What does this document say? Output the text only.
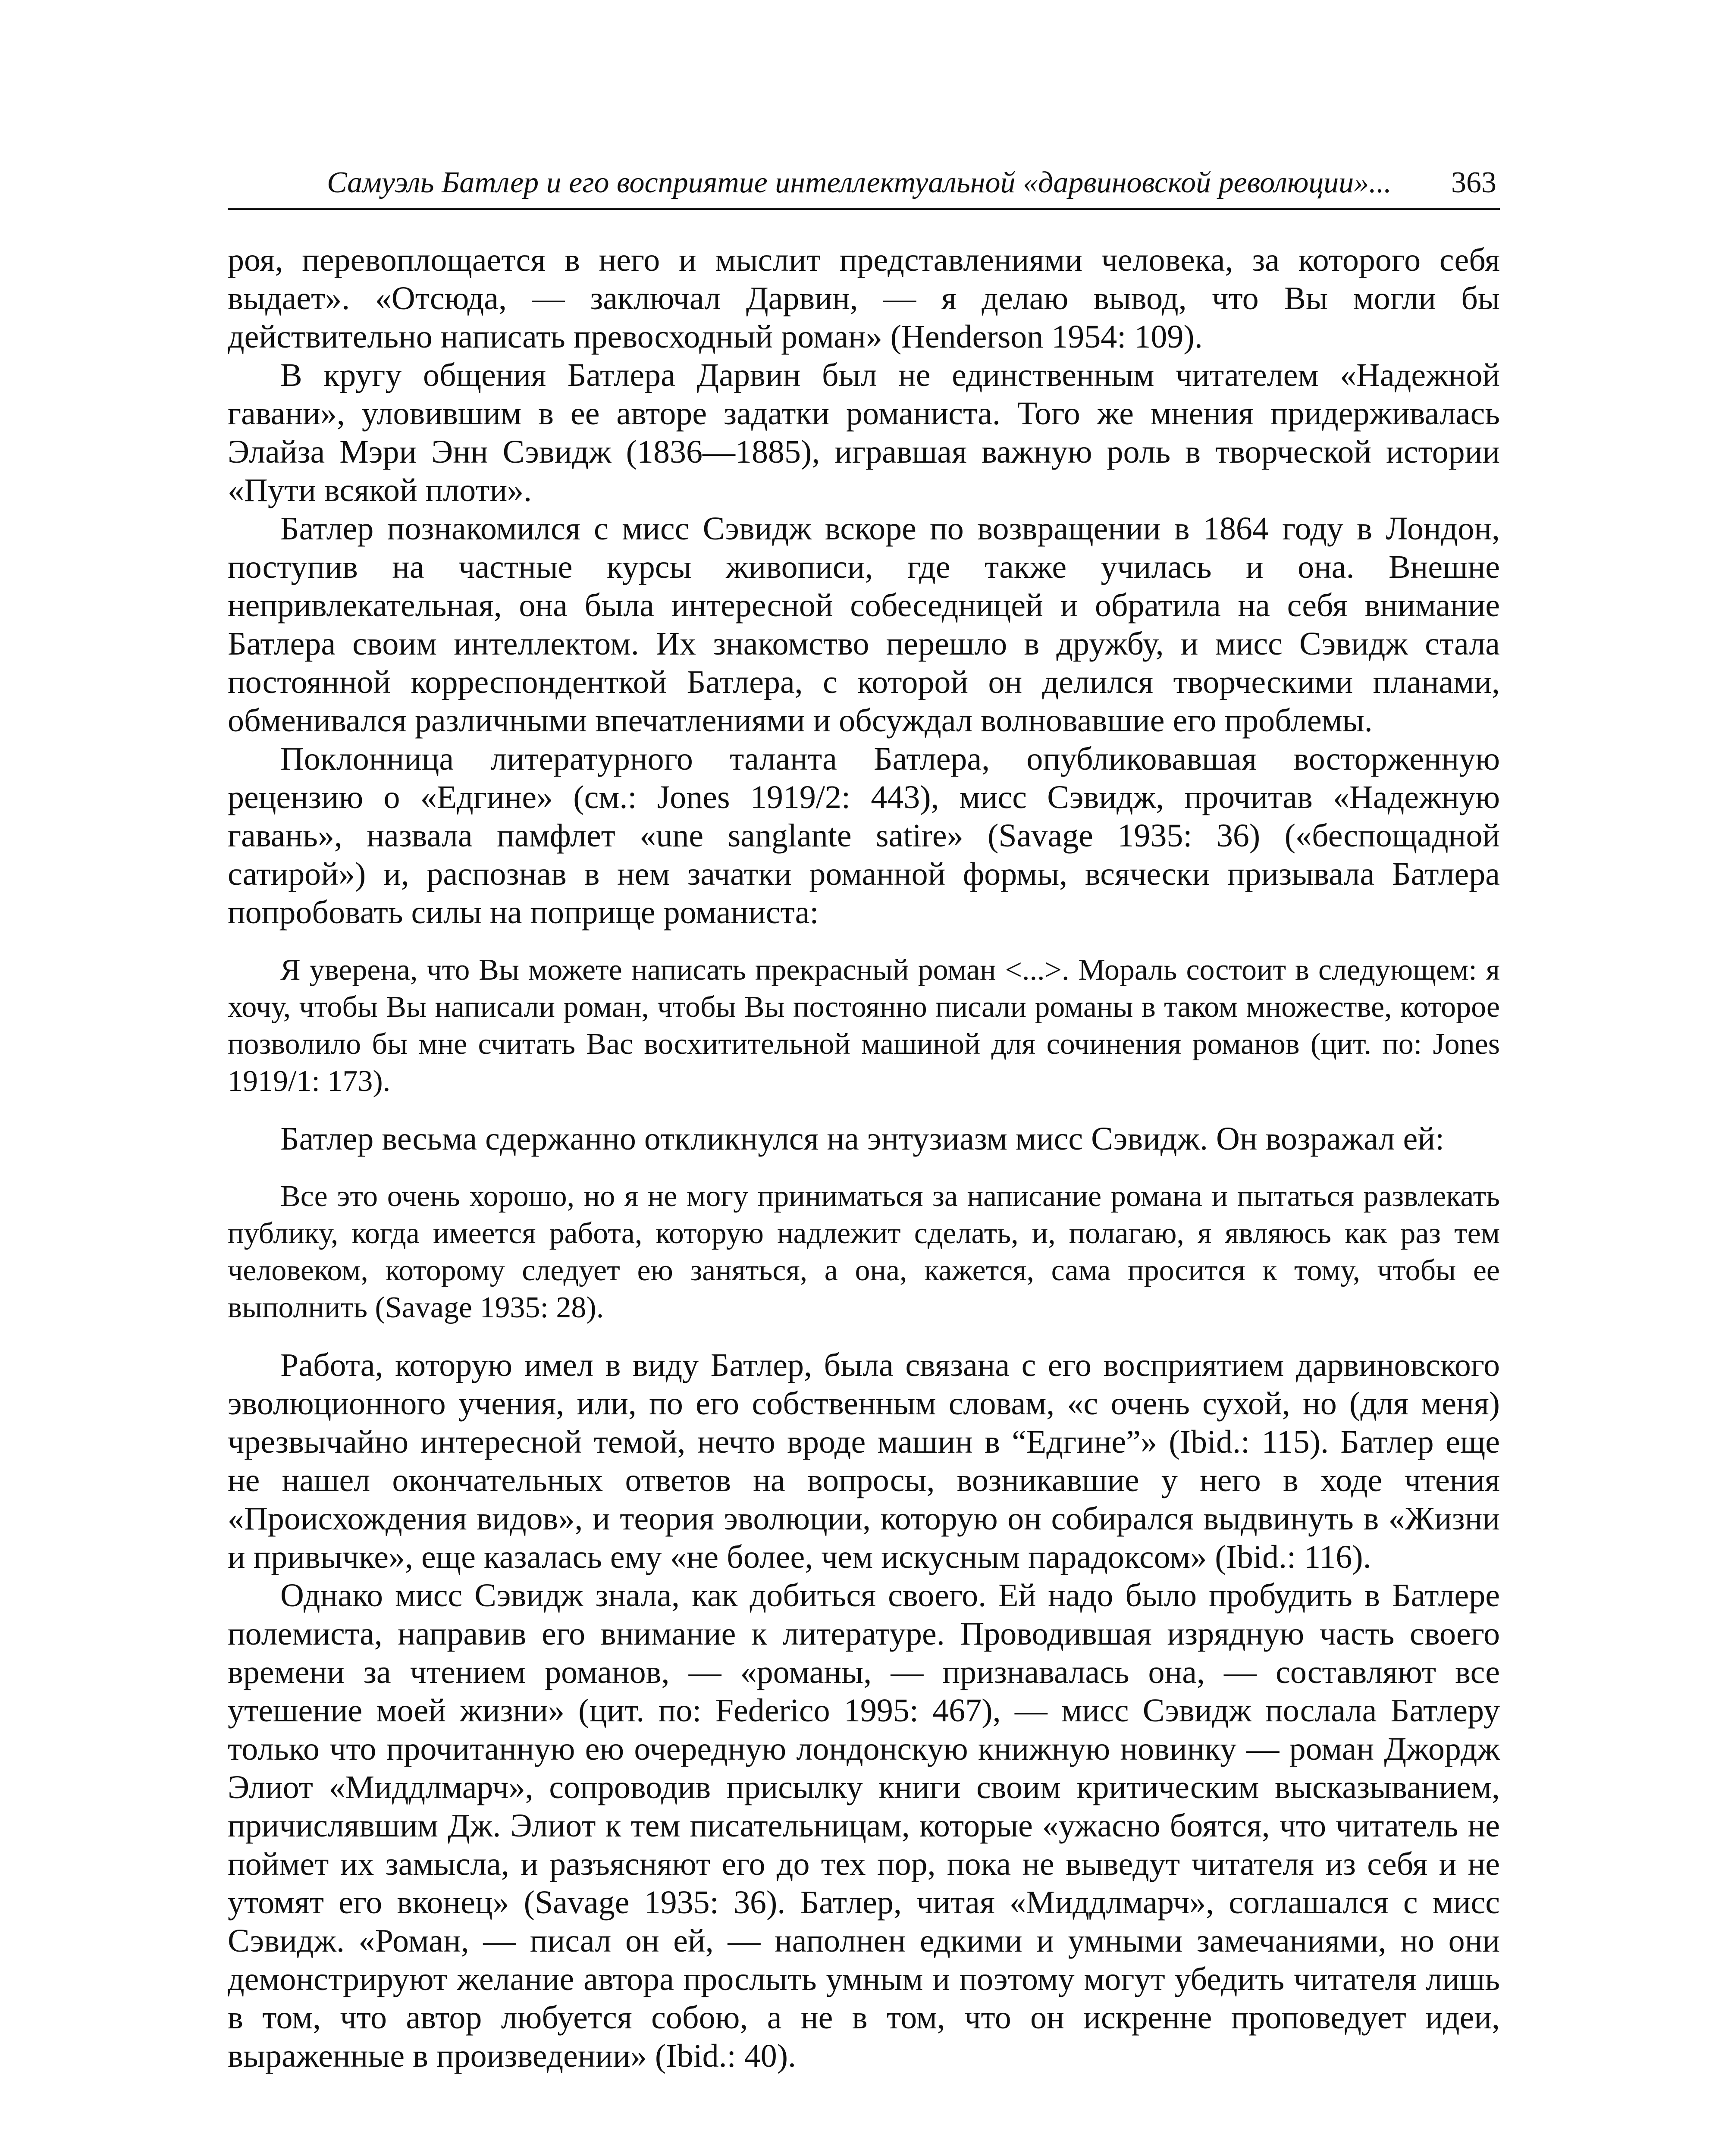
Самуэль Батлер и его восприятие интеллектуальной «дарвиновской революции»... 363

роя, перевоплощается в него и мыслит представлениями человека, за которого себя выдает». «Отсюда, — заключал Дарвин, — я делаю вывод, что Вы могли бы действительно написать превосходный роман» (Henderson 1954: 109).

В кругу общения Батлера Дарвин был не единственным читателем «Надежной гавани», уловившим в ее авторе задатки романиста. Того же мнения придерживалась Элайза Мэри Энн Сэвидж (1836—1885), игравшая важную роль в творческой истории «Пути всякой плоти».

Батлер познакомился с мисс Сэвидж вскоре по возвращении в 1864 году в Лондон, поступив на частные курсы живописи, где также училась и она. Внешне непривлекательная, она была интересной собеседницей и обратила на себя внимание Батлера своим интеллектом. Их знакомство перешло в дружбу, и мисс Сэвидж стала постоянной корреспонденткой Батлера, с которой он делился творческими планами, обменивался различными впечатлениями и обсуждал волновавшие его проблемы.

Поклонница литературного таланта Батлера, опубликовавшая восторженную рецензию о «Едгине» (см.: Jones 1919/2: 443), мисс Сэвидж, прочитав «Надежную гавань», назвала памфлет «une sanglante satire» (Savage 1935: 36) («беспощадной сатирой») и, распознав в нем зачатки романной формы, всячески призывала Батлера попробовать силы на поприще романиста:

Я уверена, что Вы можете написать прекрасный роман <...>. Мораль состоит в следующем: я хочу, чтобы Вы написали роман, чтобы Вы постоянно писали романы в таком множестве, которое позволило бы мне считать Вас восхитительной машиной для сочинения романов (цит. по: Jones 1919/1: 173).

Батлер весьма сдержанно откликнулся на энтузиазм мисс Сэвидж. Он возражал ей:

Все это очень хорошо, но я не могу приниматься за написание романа и пытаться развлекать публику, когда имеется работа, которую надлежит сделать, и, полагаю, я являюсь как раз тем человеком, которому следует ею заняться, а она, кажется, сама просится к тому, чтобы ее выполнить (Savage 1935: 28).

Работа, которую имел в виду Батлер, была связана с его восприятием дарвиновского эволюционного учения, или, по его собственным словам, «с очень сухой, но (для меня) чрезвычайно интересной темой, нечто вроде машин в “Едгине”» (Ibid.: 115). Батлер еще не нашел окончательных ответов на вопросы, возникавшие у него в ходе чтения «Происхождения видов», и теория эволюции, которую он собирался выдвинуть в «Жизни и привычке», еще казалась ему «не более, чем искусным парадоксом» (Ibid.: 116).

Однако мисс Сэвидж знала, как добиться своего. Ей надо было пробудить в Батлере полемиста, направив его внимание к литературе. Проводившая изрядную часть своего времени за чтением романов, — «романы, — признавалась она, — составляют все утешение моей жизни» (цит. по: Federico 1995: 467), — мисс Сэвидж послала Батлеру только что прочитанную ею очередную лондонскую книжную новинку — роман Джордж Элиот «Миддлмарч», сопроводив присылку книги своим критическим высказыванием, причислявшим Дж. Элиот к тем писательницам, которые «ужасно боятся, что читатель не поймет их замысла, и разъясняют его до тех пор, пока не выведут читателя из себя и не утомят его вконец» (Savage 1935: 36). Батлер, читая «Миддлмарч», соглашался с мисс Сэвидж. «Роман, — писал он ей, — наполнен едкими и умными замечаниями, но они демонстрируют желание автора прослыть умным и поэтому могут убедить читателя лишь в том, что автор любуется собою, а не в том, что он искренне проповедует идеи, выраженные в произведении» (Ibid.: 40).
